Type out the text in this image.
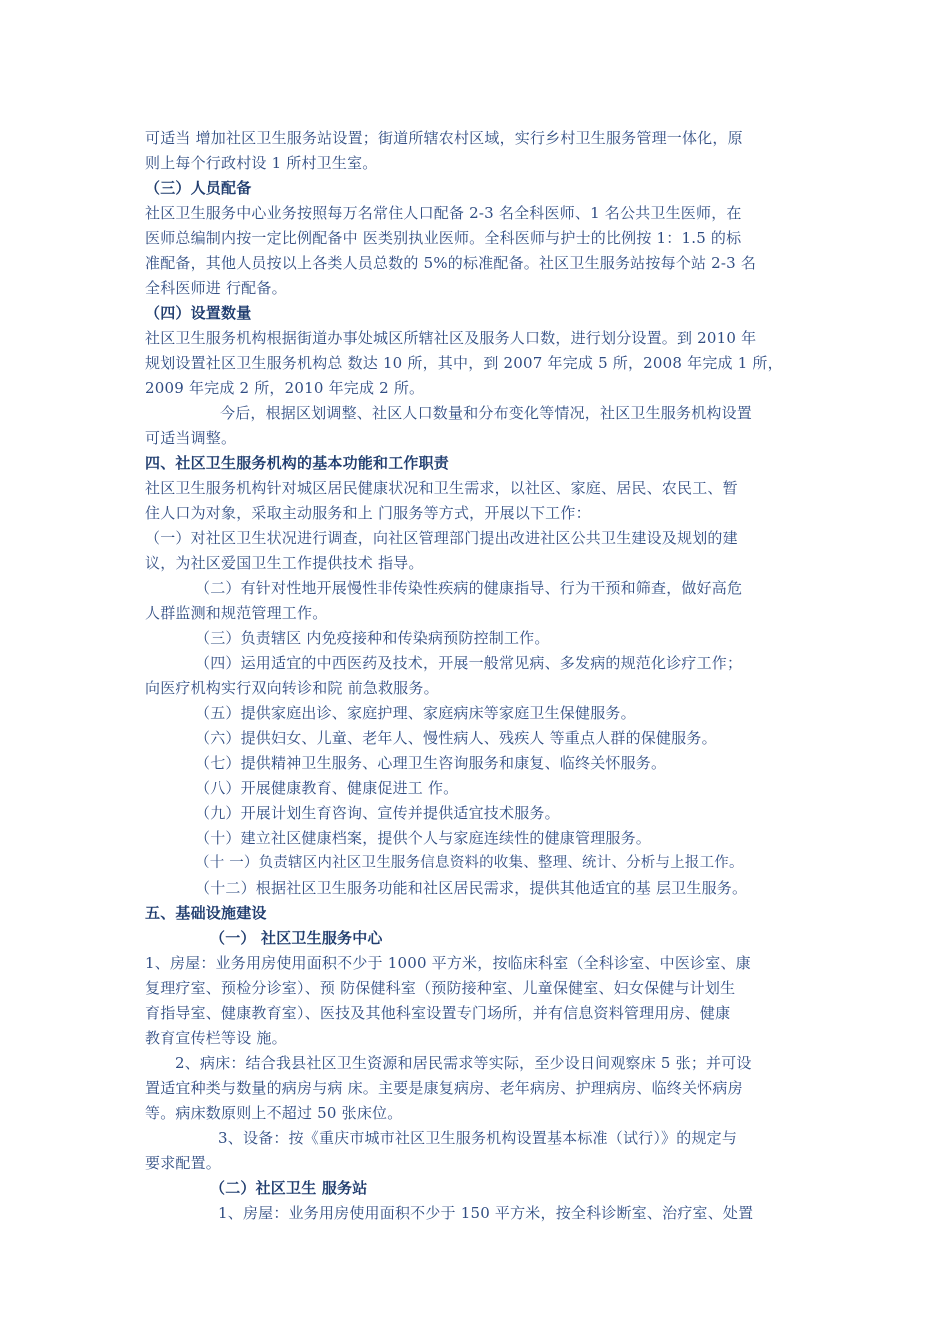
可适当 增加社区卫生服务站设置；街道所辖农村区域，实行乡村卫生服务管理一体化，原
则上每个行政村设 1 所村卫生室。
（三）人员配备
社区卫生服务中心业务按照每万名常住人口配备 2-3 名全科医师、1 名公共卫生医师，在
医师总编制内按一定比例配备中 医类别执业医师。全科医师与护士的比例按 1：1.5 的标
准配备，其他人员按以上各类人员总数的 5%的标准配备。社区卫生服务站按每个站 2-3 名
全科医师进 行配备。
（四）设置数量
社区卫生服务机构根据街道办事处城区所辖社区及服务人口数，进行划分设置。到 2010 年
规划设置社区卫生服务机构总 数达 10 所，其中，到 2007 年完成 5 所，2008 年完成 1 所，
2009 年完成 2 所，2010 年完成 2 所。
今后，根据区划调整、社区人口数量和分布变化等情况，社区卫生服务机构设置
可适当调整。
四、社区卫生服务机构的基本功能和工作职责
社区卫生服务机构针对城区居民健康状况和卫生需求，以社区、家庭、居民、农民工、暂
住人口为对象，采取主动服务和上 门服务等方式，开展以下工作：
（一）对社区卫生状况进行调查，向社区管理部门提出改进社区公共卫生建设及规划的建
议，为社区爱国卫生工作提供技术 指导。
（二）有针对性地开展慢性非传染性疾病的健康指导、行为干预和筛查，做好高危
人群监测和规范管理工作。
（三）负责辖区 内免疫接种和传染病预防控制工作。
（四）运用适宜的中西医药及技术，开展一般常见病、多发病的规范化诊疗工作；
向医疗机构实行双向转诊和院 前急救服务。
（五）提供家庭出诊、家庭护理、家庭病床等家庭卫生保健服务。
（六）提供妇女、儿童、老年人、慢性病人、残疾人 等重点人群的保健服务。
（七）提供精神卫生服务、心理卫生咨询服务和康复、临终关怀服务。
（八）开展健康教育、健康促进工 作。
（九）开展计划生育咨询、宣传并提供适宜技术服务。
（十）建立社区健康档案，提供个人与家庭连续性的健康管理服务。
（十 一）负责辖区内社区卫生服务信息资料的收集、整理、统计、分析与上报工作。
（十二）根据社区卫生服务功能和社区居民需求，提供其他适宜的基 层卫生服务。
五、基础设施建设
（一） 社区卫生服务中心
1、房屋：业务用房使用面积不少于 1000 平方米，按临床科室（全科诊室、中医诊室、康
复理疗室、预检分诊室）、预 防保健科室（预防接种室、儿童保健室、妇女保健与计划生
育指导室、健康教育室）、医技及其他科室设置专门场所，并有信息资料管理用房、健康
教育宣传栏等设 施。
2、病床：结合我县社区卫生资源和居民需求等实际，至少设日间观察床 5 张；并可设
置适宜种类与数量的病房与病 床。主要是康复病房、老年病房、护理病房、临终关怀病房
等。病床数原则上不超过 50 张床位。
3、设备：按《重庆市城市社区卫生服务机构设置基本标准（试行）》的规定与
要求配置。
（二）社区卫生 服务站
1、房屋：业务用房使用面积不少于 150 平方米，按全科诊断室、治疗室、处置
